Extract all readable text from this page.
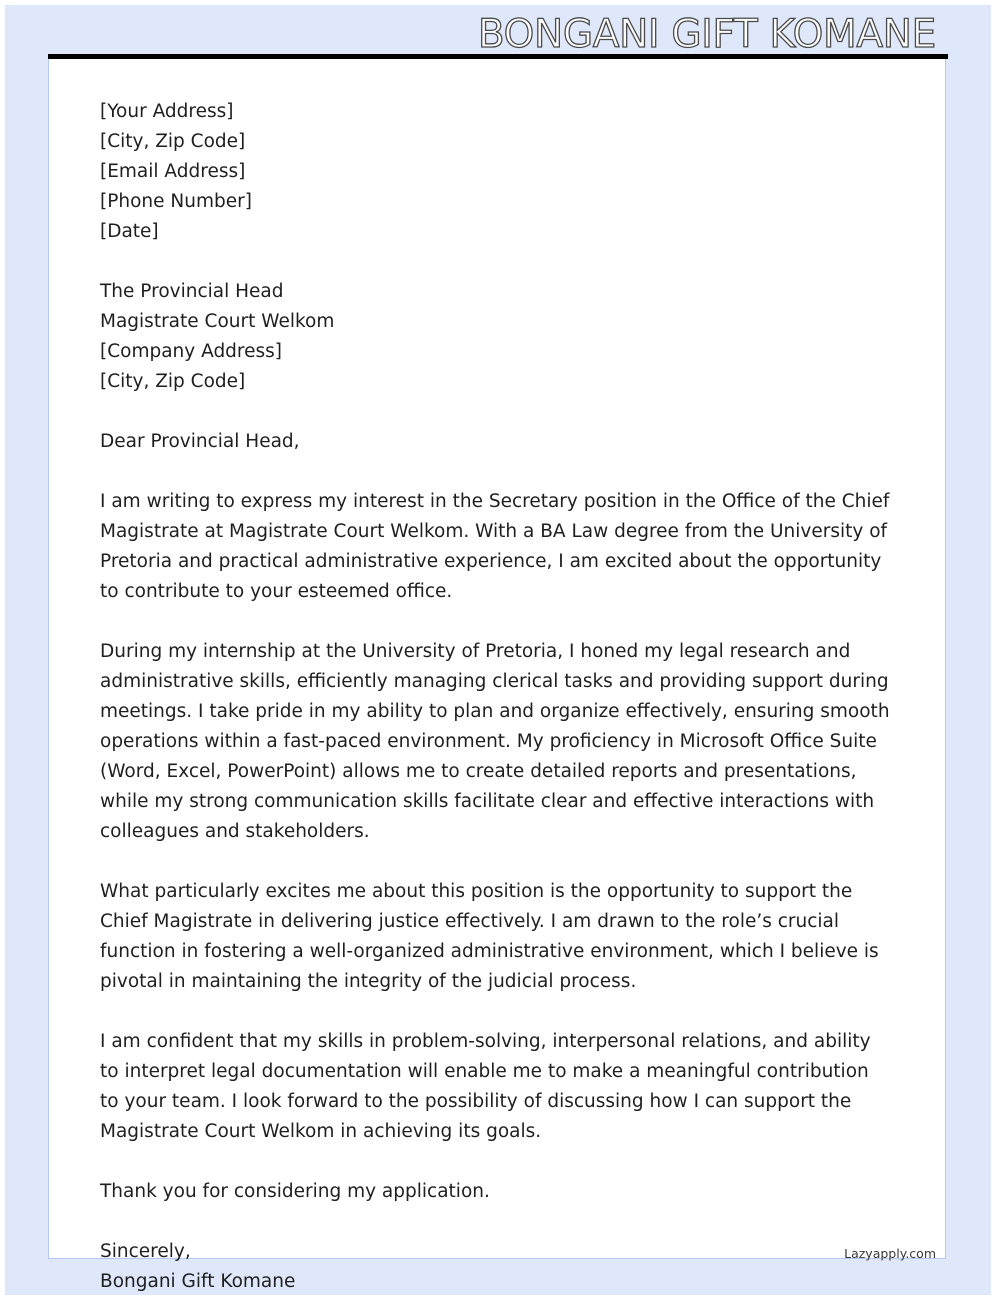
BONGANI GIFT KOMANE
[Your Address]
[City, Zip Code]
[Email Address]
[Phone Number]
[Date]
The Provincial Head
Magistrate Court Welkom
[Company Address]
[City, Zip Code]

Dear Provincial Head,

I am writing to express my interest in the Secretary position in the Office of the Chief Magistrate at Magistrate Court Welkom. With a BA Law degree from the University of Pretoria and practical administrative experience, I am excited about the opportunity to contribute to your esteemed office.

During my internship at the University of Pretoria, I honed my legal research and administrative skills, efficiently managing clerical tasks and providing support during meetings. I take pride in my ability to plan and organize effectively, ensuring smooth operations within a fast-paced environment. My proficiency in Microsoft Office Suite (Word, Excel, PowerPoint) allows me to create detailed reports and presentations, while my strong communication skills facilitate clear and effective interactions with colleagues and stakeholders.

What particularly excites me about this position is the opportunity to support the Chief Magistrate in delivering justice effectively. I am drawn to the role’s crucial function in fostering a well-organized administrative environment, which I believe is pivotal in maintaining the integrity of the judicial process.

I am confident that my skills in problem-solving, interpersonal relations, and ability to interpret legal documentation will enable me to make a meaningful contribution to your team. I look forward to the possibility of discussing how I can support the Magistrate Court Welkom in achieving its goals.

Thank you for considering my application.

Sincerely,
Bongani Gift Komane
Lazyapply.com
